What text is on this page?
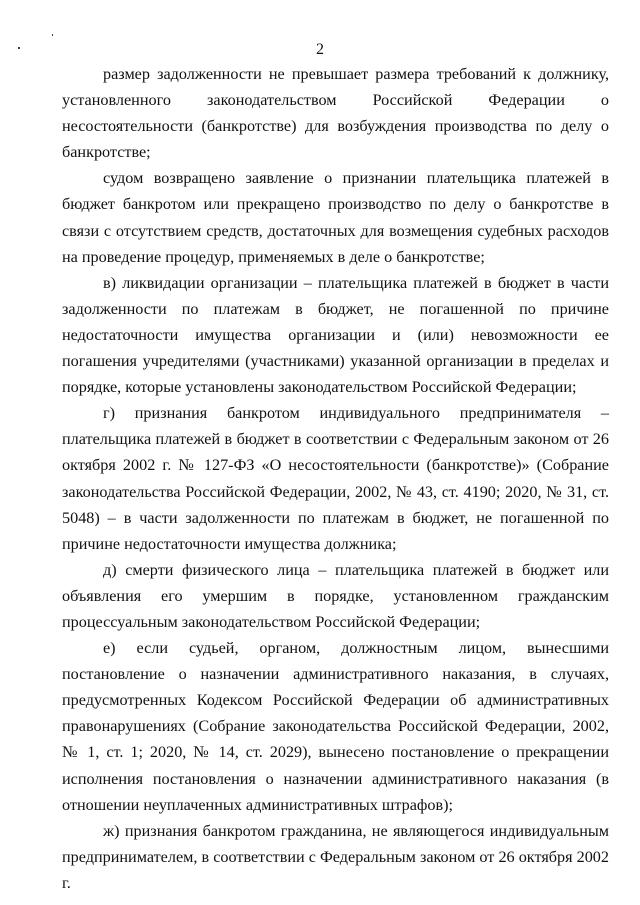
2

размер задолженности не превышает размера требований к должнику, установленного законодательством Российской Федерации о несостоятельности (банкротстве) для возбуждения производства по делу о банкротстве;

судом возвращено заявление о признании плательщика платежей в бюджет банкротом или прекращено производство по делу о банкротстве в связи с отсутствием средств, достаточных для возмещения судебных расходов на проведение процедур, применяемых в деле о банкротстве;

в) ликвидации организации – плательщика платежей в бюджет в части задолженности по платежам в бюджет, не погашенной по причине недостаточности имущества организации и (или) невозможности ее погашения учредителями (участниками) указанной организации в пределах и порядке, которые установлены законодательством Российской Федерации;

г) признания банкротом индивидуального предпринимателя – плательщика платежей в бюджет в соответствии с Федеральным законом от 26 октября 2002 г. № 127-ФЗ «О несостоятельности (банкротстве)» (Собрание законодательства Российской Федерации, 2002, № 43, ст. 4190; 2020, № 31, ст. 5048) – в части задолженности по платежам в бюджет, не погашенной по причине недостаточности имущества должника;

д) смерти физического лица – плательщика платежей в бюджет или объявления его умершим в порядке, установленном гражданским процессуальным законодательством Российской Федерации;

е) если судьей, органом, должностным лицом, вынесшими постановление о назначении административного наказания, в случаях, предусмотренных Кодексом Российской Федерации об административных правонарушениях (Собрание законодательства Российской Федерации, 2002, № 1, ст. 1; 2020, № 14, ст. 2029), вынесено постановление о прекращении исполнения постановления о назначении административного наказания (в отношении неуплаченных административных штрафов);

ж) признания банкротом гражданина, не являющегося индивидуальным предпринимателем, в соответствии с Федеральным законом от 26 октября 2002 г.
